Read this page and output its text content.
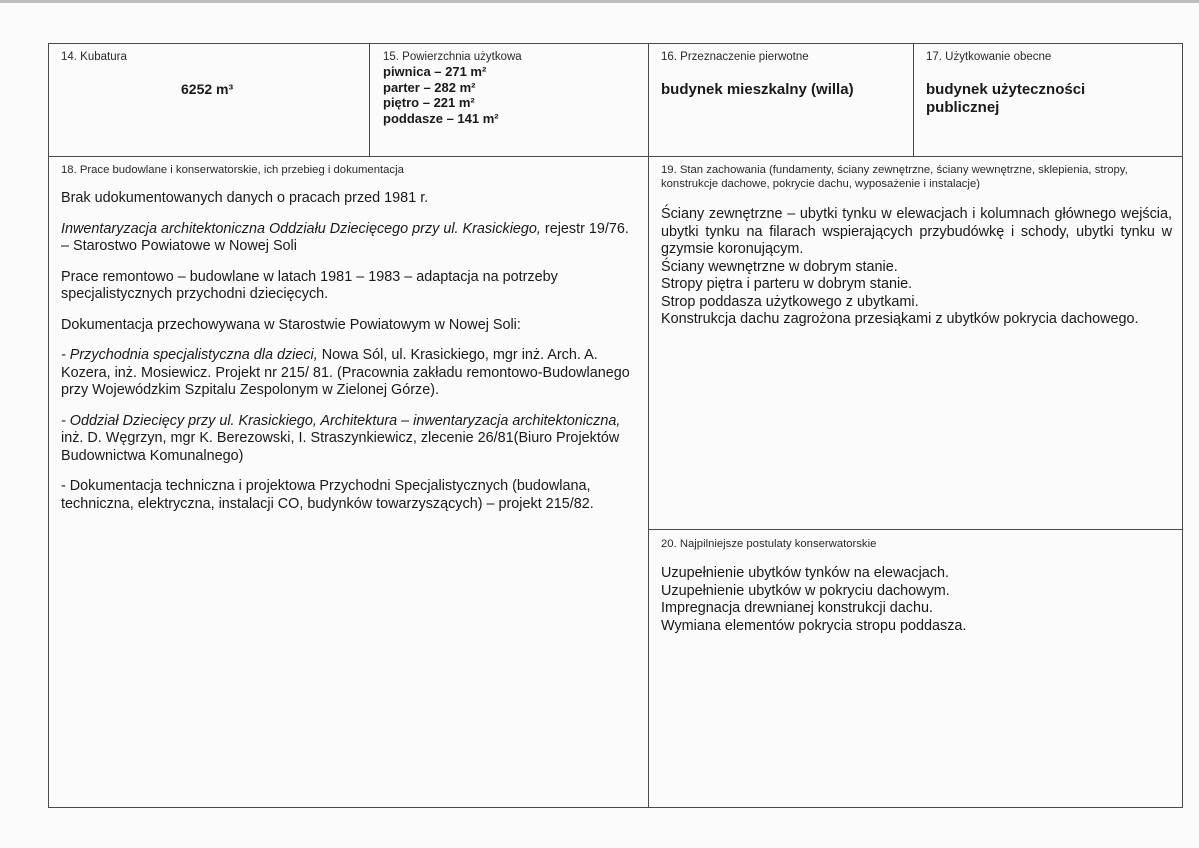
14. Kubatura
6252 m³
15. Powierzchnia użytkowa
piwnica – 271 m²
parter – 282 m²
piętro – 221 m²
poddasze – 141 m²
16. Przeznaczenie pierwotne
budynek mieszkalny (willa)
17. Użytkowanie obecne
budynek użyteczności
publicznej
18. Prace budowlane i konserwatorskie, ich przebieg i dokumentacja

Brak udokumentowanych danych o pracach przed 1981 r.

Inwentaryzacja architektoniczna Oddziału Dziecięcego przy ul. Krasickiego, rejestr 19/76. – Starostwo Powiatowe w Nowej Soli

Prace remontowo – budowlane w latach 1981 – 1983 – adaptacja na potrzeby specjalistycznych przychodni dziecięcych.

Dokumentacja przechowywana w Starostwie Powiatowym w Nowej Soli:

- Przychodnia specjalistyczna dla dzieci, Nowa Sól, ul. Krasickiego, mgr inż. Arch. A. Kozera, inż. Mosiewicz. Projekt nr 215/ 81. (Pracownia zakładu remontowo-Budowlanego przy Wojewódzkim Szpitalu Zespolonym w Zielonej Górze).

- Oddział Dziecięcy przy ul. Krasickiego, Architektura – inwentaryzacja architektoniczna, inż. D. Węgrzyn, mgr K. Berezowski, I. Straszynkiewicz, zlecenie 26/81(Biuro Projektów Budownictwa Komunalnego)

- Dokumentacja techniczna i projektowa Przychodni Specjalistycznych (budowlana, techniczna, elektryczna, instalacji CO, budynków towarzyszących) – projekt 215/82.

19. Stan zachowania (fundamenty, ściany zewnętrzne, ściany wewnętrzne, sklepienia, stropy, konstrukcje dachowe, pokrycie dachu, wyposażenie i instalacje)

Ściany zewnętrzne – ubytki tynku w elewacjach i kolumnach głównego wejścia, ubytki tynku na filarach wspierających przybudówkę i schody, ubytki tynku w gzymsie koronującym.

Ściany wewnętrzne w dobrym stanie.

Stropy piętra i parteru w dobrym stanie.

Strop poddasza użytkowego z ubytkami.

Konstrukcja dachu zagrożona przesiąkami z ubytków pokrycia dachowego.

20. Najpilniejsze postulaty konserwatorskie

Uzupełnienie ubytków tynków na elewacjach.

Uzupełnienie ubytków w pokryciu dachowym.

Impregnacja drewnianej konstrukcji dachu.

Wymiana elementów pokrycia stropu poddasza.
